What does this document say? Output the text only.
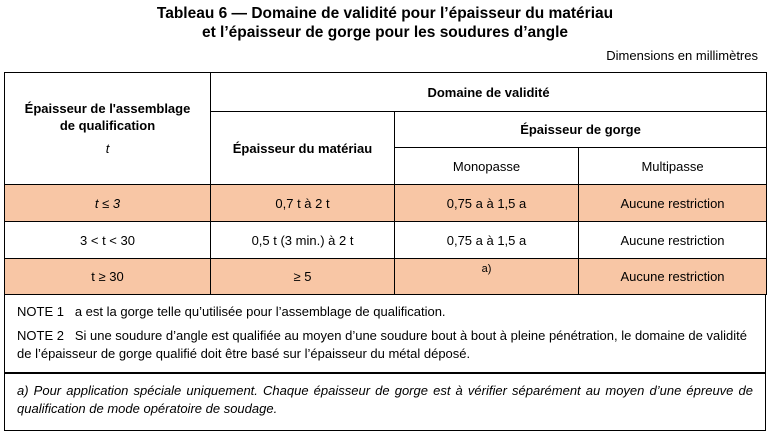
Tableau 6 — Domaine de validité pour l’épaisseur du matériau
et l’épaisseur de gorge pour les soudures d’angle
Dimensions en millimètres
Épaisseur de l'assemblage
de qualification
t	Domaine de validité		
	Épaisseur du matériau	Épaisseur de gorge	
		Monopasse	Multipasse
t ≤ 3	0,7 t à 2 t	0,75 a à 1,5 a	Aucune restriction
3 < t < 30	0,5 t (3 min.) à 2 t	0,75 a à 1,5 a	Aucune restriction
t ≥ 30	≥ 5	a)	Aucune restriction

NOTE 1 a est la gorge telle qu’utilisée pour l’assemblage de qualification.

NOTE 2 Si une soudure d’angle est qualifiée au moyen d’une soudure bout à bout à pleine pénétration, le domaine de validité de l’épaisseur de gorge qualifié doit être basé sur l’épaisseur du métal déposé.

a) Pour application spéciale uniquement. Chaque épaisseur de gorge est à vérifier séparément au moyen d’une épreuve de qualification de mode opératoire de soudage.
